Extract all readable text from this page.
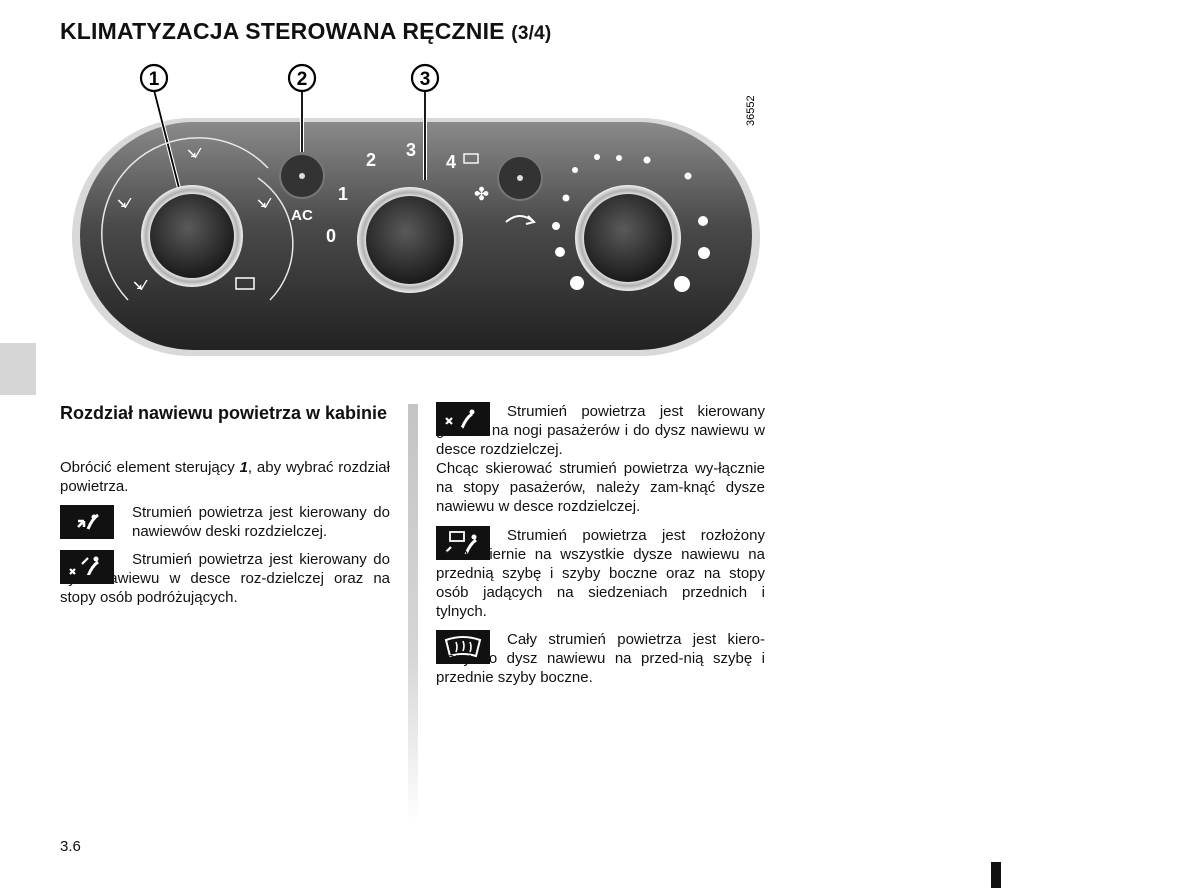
KLIMATYZACJA STEROWANA RĘCZNIE (3/4)
1	2	3
36552
↘⁄
↘⁄
↘⁄
↘⁄
AC
0
1
2 3
4
✤
Rozdział nawiewu powietrza w kabinie
Obrócić element sterujący 1, aby wybrać rozdział powietrza.
Strumień powietrza jest kierowany do nawiewów deski rozdzielczej.
Strumień powietrza jest kierowany do dysz nawiewu w desce roz-dzielczej oraz na stopy osób podróżujących.
Strumień powietrza jest kierowany głównie na nogi pasażerów i do dysz nawiewu w desce rozdzielczej.
Chcąc skierować strumień powietrza wy-łącznie na stopy pasażerów, należy zam-knąć dysze nawiewu w desce rozdzielczej.
Strumień powietrza jest rozłożony równomiernie na wszystkie dysze nawiewu na przednią szybę i szyby boczne oraz na stopy osób jadących na siedzeniach przednich i tylnych.
Cały strumień powietrza jest kiero-wany do dysz nawiewu na przed-nią szybę i przednie szyby boczne.
3.6
